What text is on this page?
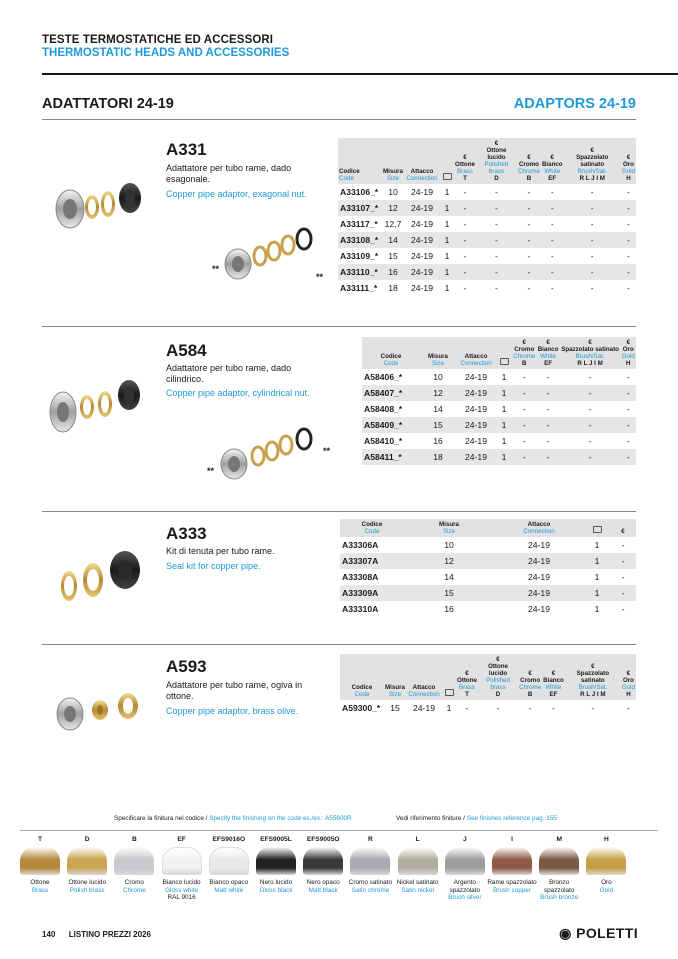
TESTE TERMOSTATICHE ED ACCESSORI
THERMOSTATIC HEADS AND ACCESSORIES
ADATTATORI 24-19	ADAPTORS 24-19
**
**
A331
Adattatore per tubo rame, dado esagonale.
Copper pipe adaptor, exagonal nut.
Codice
Code	Misura
Size	Attacco
Connection		€
Ottone
Brass
T	€
Ottone lucido
Polished brass
D	€
Cromo
Chrome
B	€
Bianco
White
EF	€
Spazzolato satinato
Brush/Sat.
R L J I M	€
Oro
Gold
H
A33106_*	10	24-19	1	-	-	-	-	-	-
A33107_*	12	24-19	1	-	-	-	-	-	-
A33117_*	12,7	24-19	1	-	-	-	-	-	-
A33108_*	14	24-19	1	-	-	-	-	-	-
A33109_*	15	24-19	1	-	-	-	-	-	-
A33110_*	16	24-19	1	-	-	-	-	-	-
A33111_*	18	24-19	1	-	-	-	-	-	-
**
**
A584
Adattatore per tubo rame, dado cilindrico.
Copper pipe adaptor, cylindrical nut.
Codice
Code	Misura
Size	Attacco
Connection		€
Cromo
Chrome
B	€
Bianco
White
EF	€
Spazzolato satinato
Brush/Sat.
R L J I M	€
Oro
Gold
H
A58406_*	10	24-19	1	-	-	-	-
A58407_*	12	24-19	1	-	-	-	-
A58408_*	14	24-19	1	-	-	-	-
A58409_*	15	24-19	1	-	-	-	-
A58410_*	16	24-19	1	-	-	-	-
A58411_*	18	24-19	1	-	-	-	-
A333
Kit di tenuta per tubo rame.
Seal kit for copper pipe.
Codice
Code	Misura
Size	Attacco
Connection		€
A33306A	10	24-19	1	-
A33307A	12	24-19	1	-
A33308A	14	24-19	1	-
A33309A	15	24-19	1	-
A33310A	16	24-19	1	-
A593
Adattatore per tubo rame, ogiva in ottone.
Copper pipe adaptor, brass olive.
Codice
Code	Misura
Size	Attacco
Connection		€
Ottone
Brass
T	€
Ottone lucido
Polished brass
D	€
Cromo
Chrome
B	€
Bianco
White
EF	€
Spazzolato satinato
Brush/Sat.
R L J I M	€
Oro
Gold
H
A59300_*	15	24-19	1	-	-	-	-	-	-
Specificare la finitura nel codice / Specify the finishing on the code es./ex.: A55600R	Vedi riferimento finiture / See finishes reference pag. 155
T
Ottone
Brass
D
Ottone lucido
Polish brass
B
Cromo
Chrome
EF
Bianco lucido
Gloss white
RAL 9016
EFS9016O
Bianco opaco
Matt white
EFS9005L
Nero lucido
Gloss black
EFS9005O
Nero opaco
Matt black
R
Cromo satinato
Satin chrome
L
Nickel satinato
Satin nickel
J
Argento spazzolato
Brush silver
I
Rame spazzolato
Brush copper
M
Bronzo spazzolato
Brush bronze
H
Oro
Gold
140 LISTINO PREZZI 2026	◉ POLETTI
